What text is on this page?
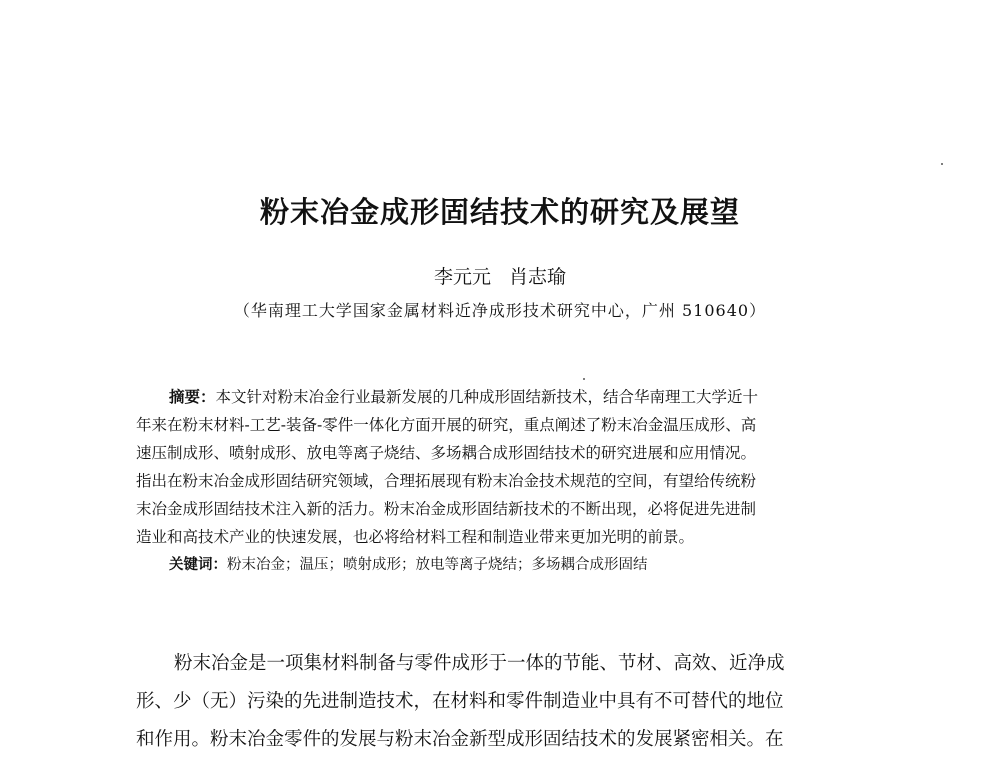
粉末冶金成形固结技术的研究及展望
李元元 肖志瑜
（华南理工大学国家金属材料近净成形技术研究中心，广州 510640）
摘要：本文针对粉末冶金行业最新发展的几种成形固结新技术，结合华南理工大学近十
年来在粉末材料-工艺-装备-零件一体化方面开展的研究，重点阐述了粉末冶金温压成形、高
速压制成形、喷射成形、放电等离子烧结、多场耦合成形固结技术的研究进展和应用情况。
指出在粉末冶金成形固结研究领域，合理拓展现有粉末冶金技术规范的空间，有望给传统粉
末冶金成形固结技术注入新的活力。粉末冶金成形固结新技术的不断出现，必将促进先进制
造业和高技术产业的快速发展，也必将给材料工程和制造业带来更加光明的前景。
关键词：粉末冶金；温压；喷射成形；放电等离子烧结；多场耦合成形固结
粉末冶金是一项集材料制备与零件成形于一体的节能、节材、高效、近净成
形、少（无）污染的先进制造技术，在材料和零件制造业中具有不可替代的地位
和作用。粉末冶金零件的发展与粉末冶金新型成形固结技术的发展紧密相关。在
